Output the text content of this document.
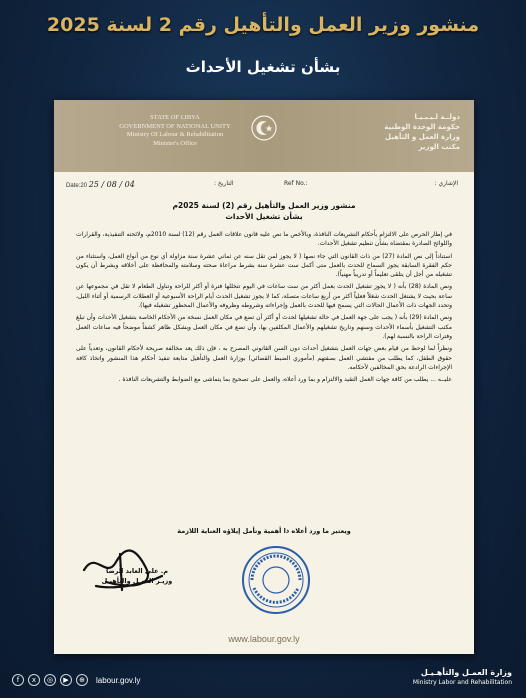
منشور وزير العمل والتأهيل رقم 2 لسنة 2025
بشأن تشغيل الأحداث
STATE OF LIBYA
GOVERNMENT OF NATIONAL UNITY
Ministry Of Labour & Rehabilitation
Minister's Office
دولــة لـيـبـيـا
حكومة الوحدة الوطنية
وزارة العمل و التأهيل
مكتب الوزير
Date:20 25 / 08 / 04	التاريخ :	Ref No.:	الإشاري :
منشور وزير العمل والتأهيل رقم (2) لسنة 2025م
بشأن تشغيل الأحداث

في إطار الحرص على الالتزام بأحكام التشريعات النافذة، وبالأخص ما نص عليه قانون علاقات العمل رقم (12) لسنة 2010م، ولائحته التنفيذية، والقرارات واللوائح الصادرة بمقتضاه بشأن تنظيم تشغيل الأحداث.

استناداً إلى نص المادة (27) من ذات القانون التي جاء نصها ( لا يجوز لمن تقل سنه عن ثماني عشرة سنة مزاولة أي نوع من أنواع العمل، واستثناء من حكم الفقرة السابقة يجوز السماح للحدث بالعمل متى أكمل ست عشرة سنة بشرط مراعاة صحته وسلامته والمحافظة على أخلاقه وبشرط أن يكون تشغيله من أجل أن يتلقى تعليماً أو تدريباً مهنياً).

ونص المادة (28) بأنه ( لا يجوز تشغيل الحدث بعمل أكثر من ست ساعات في اليوم تتخللها فترة أو أكثر للراحة وتناول الطعام لا تقل في مجموعها عن ساعة بحيث لا يشتغل الحدث شغلاً فعلياً أكثر من أربع ساعات متصلة، كما لا يجوز تشغيل الحدث أيام الراحة الأسبوعية أو العطلات الرسمية أو أثناء الليل، وتحدد الجهات ذات الأعمال الحالات التي يسمح فيها للحدث بالعمل وإجراءاته وشروطه وظروفه والأعمال المحظور تشغيله فيها).

ونص المادة (29) بأنه ( يجب على جهة العمل في حالة تشغيلها لحدث أو أكثر أن تضع في مكان العمل نسخة من الأحكام الخاصة بتشغيل الأحداث وأن تبلغ مكتب التشغيل بأسماء الأحداث وسنهم وتاريخ تشغيلهم والأعمال المكلفين بها، وأن تضع في مكان العمل وبشكل ظاهر كشفاً موضحاً فيه ساعات العمل وفترات الراحة بالنسبة لهم).

ونظراً لما لوحظ من قيام بعض جهات العمل بتشغيل أحداث دون السن القانوني المصرح به ، فإن ذلك يعد مخالفة صريحة لأحكام القانون، وتعدياً على حقوق الطفل، كما يطلب من مفتشي العمل بصفتهم (مأموري الضبط القضائي) بوزارة العمل والتأهيل متابعة تنفيذ أحكام هذا المنشور واتخاذ كافة الإجراءات الرادعة بحق المخالفين لأحكامه.

عليــه ... يطلب من كافة جهات العمل التقيد والالتزام و بما ورد أعلاه، والعمل على تصحيح بما يتماشى مع الضوابط والتشريعات النافذة .

ويعتبر ما ورد أعلاه ذا أهمية وتأمل إيلاؤه العناية اللازمة
م. علي العابد الرضا
وزيـر العمـل والتأهيـل
www.labour.gov.ly
f	x	◎	▶	⊕	labour.gov.ly
وزارة العمـل والتأهـيـل
Ministry Labor and Rehabilitation
